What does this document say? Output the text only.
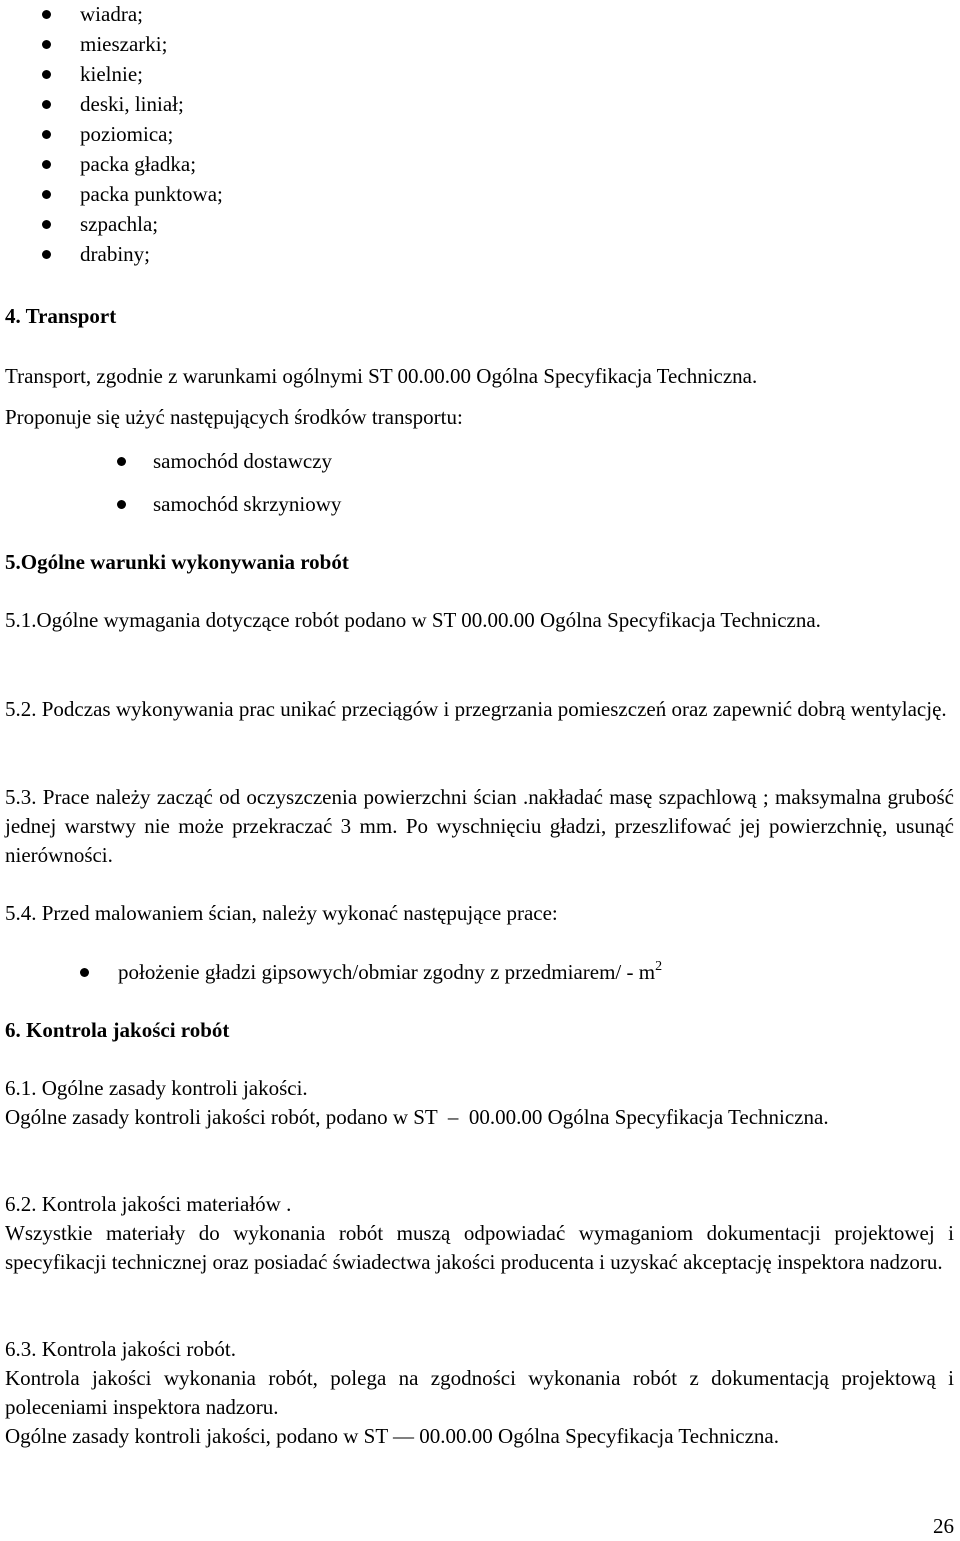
wiadra;

mieszarki;

kielnie;

deski, liniał;

poziomica;

packa gładka;

packa punktowa;

szpachla;

drabiny;

4. Transport

Transport, zgodnie z warunkami ogólnymi ST 00.00.00 Ogólna Specyfikacja Techniczna.

Proponuje się użyć następujących środków transportu:

samochód dostawczy

samochód skrzyniowy

5.Ogólne warunki wykonywania robót

5.1.Ogólne wymagania dotyczące robót podano w ST 00.00.00 Ogólna Specyfikacja Techniczna.

5.2. Podczas wykonywania prac unikać przeciągów i przegrzania pomieszczeń oraz zapewnić dobrą wentylację.

5.3. Prace należy zacząć od oczyszczenia powierzchni ścian .nakładać masę szpachlową ; maksymalna grubość jednej warstwy nie może przekraczać 3 mm. Po wyschnięciu gładzi, przeszlifować jej powierzchnię, usunąć nierówności.

5.4. Przed malowaniem ścian, należy wykonać następujące prace:

położenie gładzi gipsowych/obmiar zgodny z przedmiarem/ - $m^2$

6. Kontrola jakości robót

6.1. Ogólne zasady kontroli jakości.

Ogólne zasady kontroli jakości robót, podano w ST  –  00.00.00 Ogólna Specyfikacja Techniczna.

6.2. Kontrola jakości materiałów .

Wszystkie materiały do wykonania robót muszą odpowiadać wymaganiom dokumentacji projektowej i specyfikacji technicznej oraz posiadać świadectwa jakości producenta i uzyskać akceptację inspektora nadzoru.

6.3. Kontrola jakości robót.

Kontrola jakości wykonania robót, polega na zgodności wykonania robót z dokumentacją projektową i poleceniami inspektora nadzoru.

Ogólne zasady kontroli jakości, podano w ST — 00.00.00 Ogólna Specyfikacja Techniczna.

26
